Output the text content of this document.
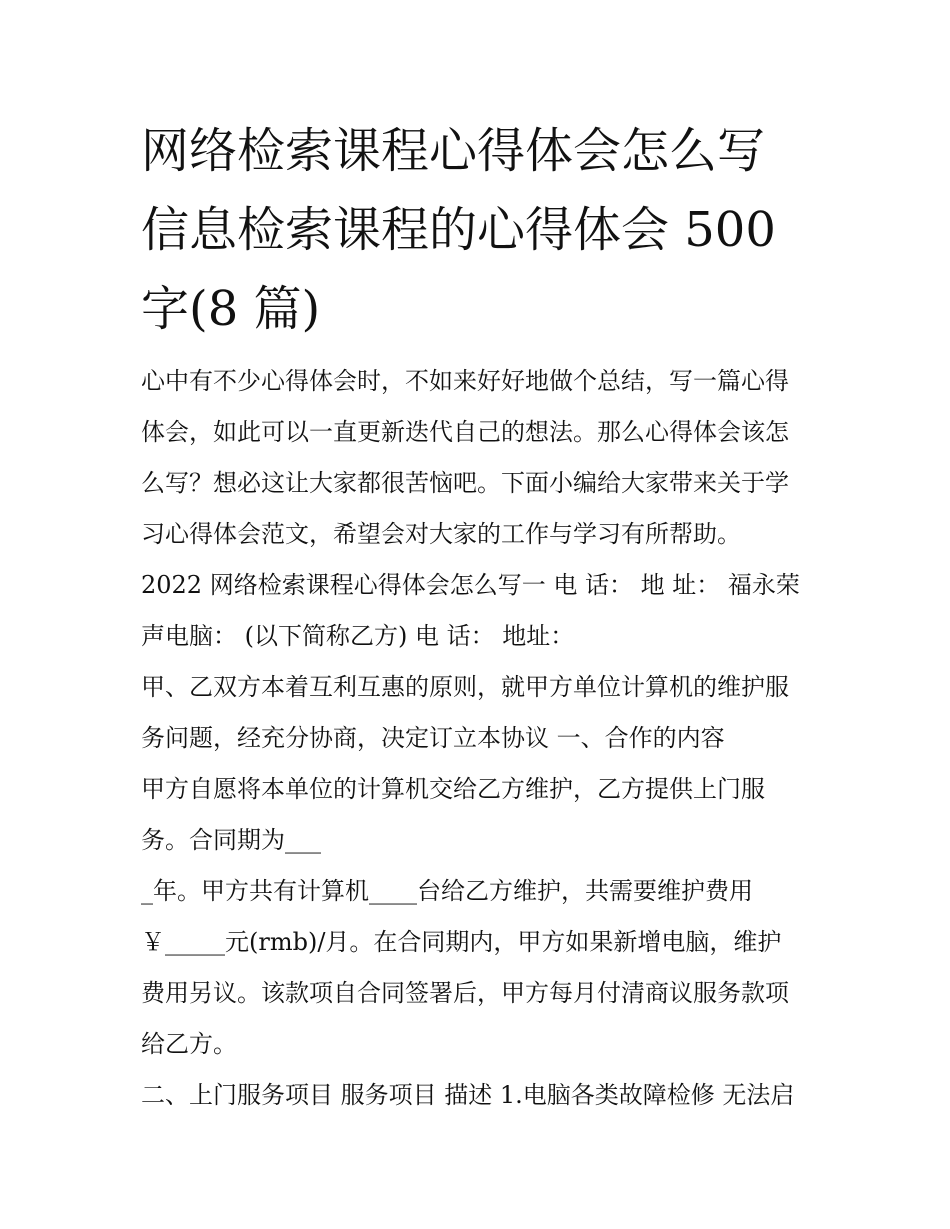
网络检索课程心得体会怎么写
信息检索课程的心得体会 500
字(8 篇)
心中有不少心得体会时，不如来好好地做个总结，写一篇心得
体会，如此可以一直更新迭代自己的想法。那么心得体会该怎
么写？想必这让大家都很苦恼吧。下面小编给大家带来关于学
习心得体会范文，希望会对大家的工作与学习有所帮助。
2022 网络检索课程心得体会怎么写一 电 话： 地 址： 福永荣
声电脑： (以下简称乙方) 电 话： 地址：
甲、乙双方本着互利互惠的原则，就甲方单位计算机的维护服
务问题，经充分协商，决定订立本协议 一、合作的内容
甲方自愿将本单位的计算机交给乙方维护，乙方提供上门服
务。合同期为___
_年。甲方共有计算机____台给乙方维护，共需要维护费用
￥_____元(rmb)/月。在合同期内，甲方如果新增电脑，维护
费用另议。该款项自合同签署后，甲方每月付清商议服务款项
给乙方。
二、上门服务项目 服务项目 描述 1.电脑各类故障检修 无法启
